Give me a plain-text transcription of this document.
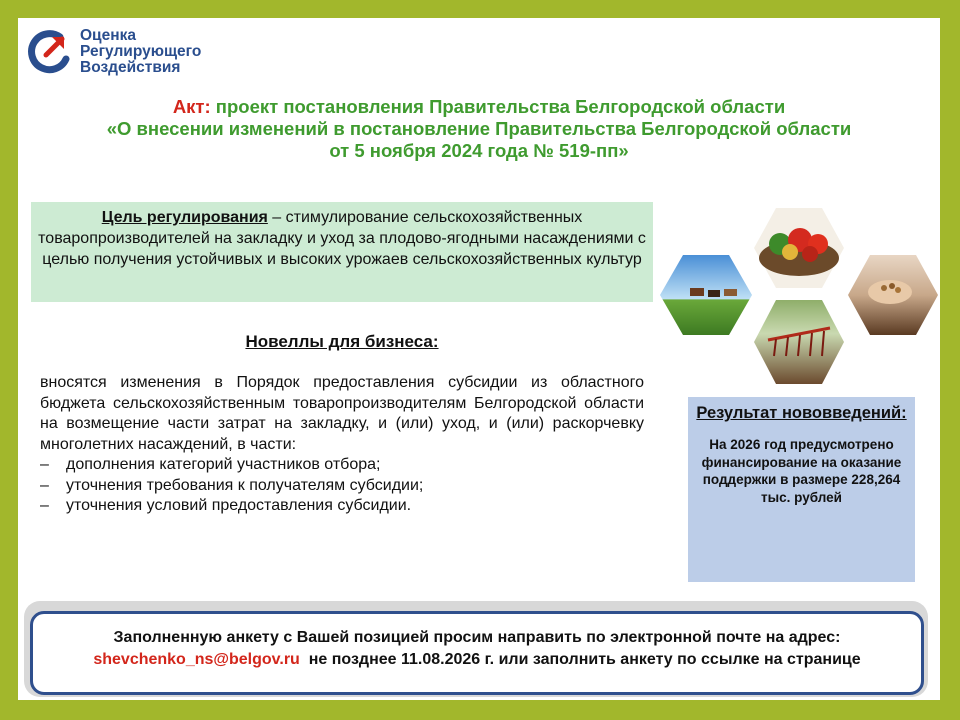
Оценка
Регулирующего
Воздействия
Акт: проект постановления Правительства Белгородской области
«О внесении изменений в постановление Правительства Белгородской области
от 5 ноября 2024 года № 519-пп»
Цель регулирования – стимулирование сельскохозяйственных товаропроизводителей на закладку и уход за плодово-ягодными насаждениями с целью получения устойчивых и высоких урожаев сельскохозяйственных культур
Новеллы для бизнеса:

вносятся изменения в Порядок предоставления субсидии из областного бюджета сельскохозяйственным товаропроизводителям Белгородской области на возмещение части затрат на закладку, и (или) уход, и (или) раскорчевку многолетних насаждений, в части:

–	дополнения категорий участников отбора;
–	уточнения требования к получателям субсидии;
–	уточнения условий предоставления субсидии.
Результат нововведений:
На 2026 год предусмотрено финансирование на оказание поддержки в размере 228,264 тыс. рублей
Заполненную анкету с Вашей позицией просим направить по электронной почте на адрес:
shevchenko_ns@belgov.ru  не позднее 11.08.2026 г. или заполнить анкету по ссылке на странице
